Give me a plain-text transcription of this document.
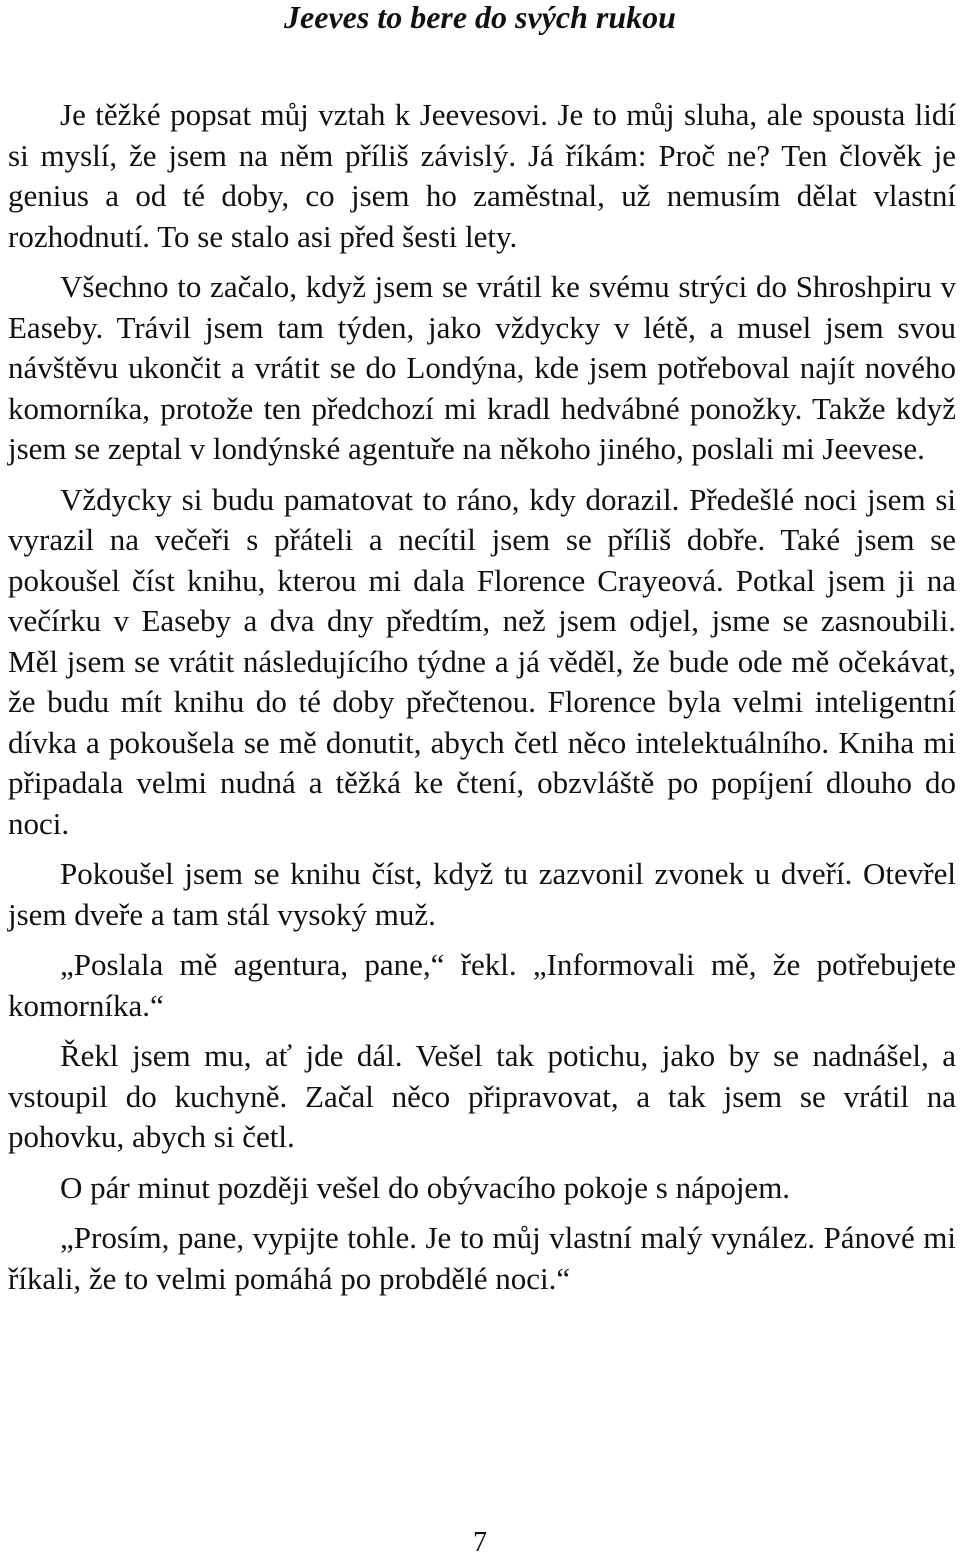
Jeeves to bere do svých rukou

Je těžké popsat můj vztah k Jeevesovi. Je to můj sluha, ale spousta lidí si myslí, že jsem na něm příliš závislý. Já říkám: Proč ne? Ten člověk je genius a od té doby, co jsem ho zaměstnal, už nemusím dělat vlastní rozhodnutí. To se stalo asi před šesti lety.

Všechno to začalo, když jsem se vrátil ke svému strýci do Shroshpiru v Easeby. Trávil jsem tam týden, jako vždycky v létě, a musel jsem svou návštěvu ukončit a vrátit se do Londýna, kde jsem potřeboval najít nového komorníka, protože ten předchozí mi kradl hedvábné ponožky. Takže když jsem se zeptal v londýnské agentuře na někoho jiného, poslali mi Jeevese.

Vždycky si budu pamatovat to ráno, kdy dorazil. Předešlé noci jsem si vyrazil na večeři s přáteli a necítil jsem se příliš dobře. Také jsem se pokoušel číst knihu, kterou mi dala Florence Crayeová. Potkal jsem ji na večírku v Easeby a dva dny předtím, než jsem odjel, jsme se zasnoubili. Měl jsem se vrátit následujícího týdne a já věděl, že bude ode mě očekávat, že budu mít knihu do té doby přečtenou. Florence byla velmi inteligentní dívka a pokoušela se mě donutit, abych četl něco intelektuálního. Kniha mi připadala velmi nudná a těžká ke čtení, obzvláště po popíjení dlouho do noci.

Pokoušel jsem se knihu číst, když tu zazvonil zvonek u dveří. Otevřel jsem dveře a tam stál vysoký muž.

„Poslala mě agentura, pane,“ řekl. „Informovali mě, že potřebujete komorníka.“

Řekl jsem mu, ať jde dál. Vešel tak potichu, jako by se nadnášel, a vstoupil do kuchyně. Začal něco připravovat, a tak jsem se vrátil na pohovku, abych si četl.

O pár minut později vešel do obývacího pokoje s nápojem.

„Prosím, pane, vypijte tohle. Je to můj vlastní malý vynález. Pánové mi říkali, že to velmi pomáhá po probdělé noci.“

7
